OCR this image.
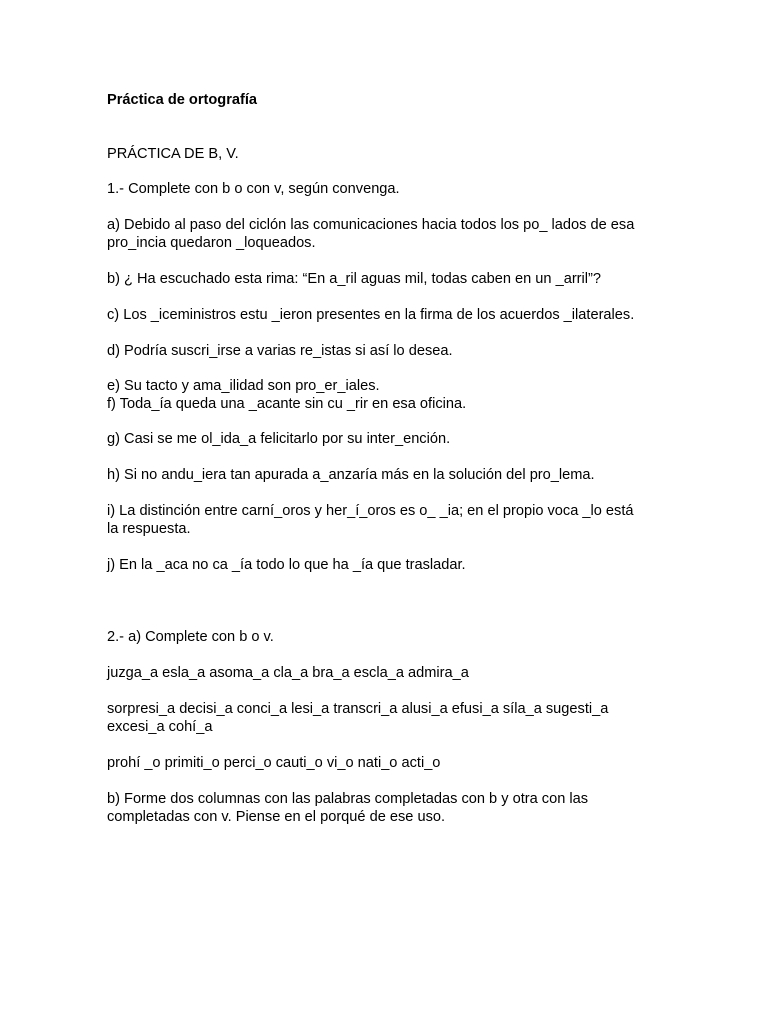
Práctica de ortografía
PRÁCTICA DE B, V.
1.- Complete con b o con v, según convenga.
a) Debido al paso del ciclón las comunicaciones hacia todos los po_ lados de esa
pro_incia quedaron _loqueados.
b) ¿ Ha escuchado esta rima: “En a_ril aguas mil, todas caben en un _arril”?
c) Los _iceministros estu _ieron presentes en la firma de los acuerdos _ilaterales.
d) Podría suscri_irse a varias re_istas si así lo desea.
e) Su tacto y ama_ilidad son pro_er_iales.
f) Toda_ía queda una _acante sin cu _rir en esa oficina.
g) Casi se me ol_ida_a felicitarlo por su inter_ención.
h) Si no andu_iera tan apurada a_anzaría más en la solución del pro_lema.
i) La distinción entre carní_oros y her_í_oros es o_ _ia; en el propio voca _lo está
la respuesta.
j) En la _aca no ca _ía todo lo que ha _ía que trasladar.
2.- a) Complete con b o v.
juzga_a esla_a asoma_a cla_a bra_a escla_a admira_a
sorpresi_a decisi_a conci_a lesi_a transcri_a alusi_a efusi_a síla_a sugesti_a
excesi_a cohí_a
prohí _o primiti_o perci_o cauti_o vi_o nati_o acti_o
b) Forme dos columnas con las palabras completadas con b y otra con las
completadas con v. Piense en el porqué de ese uso.
